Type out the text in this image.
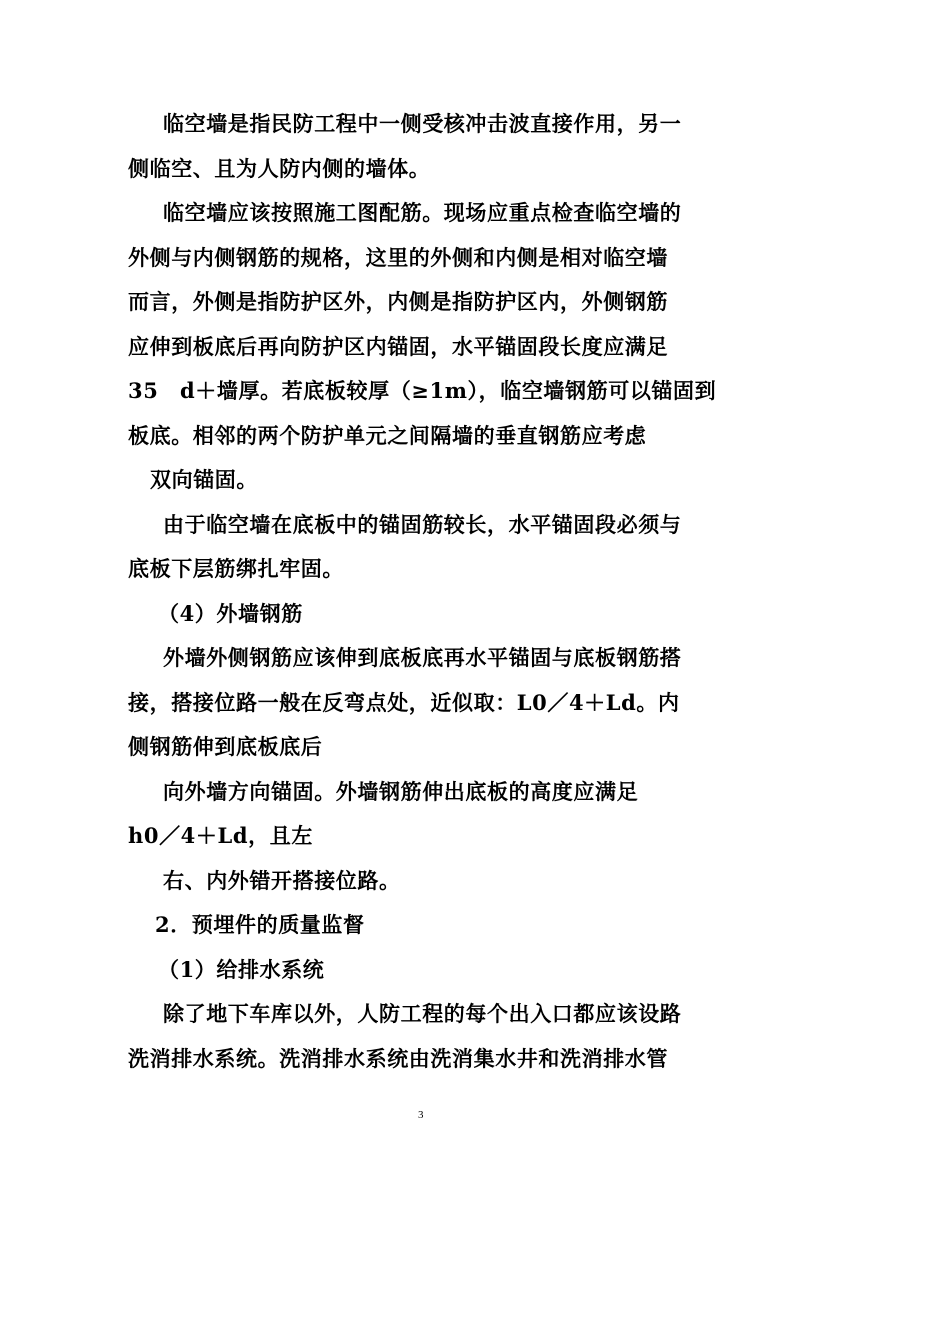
临空墙是指民防工程中一侧受核冲击波直接作用，另一
侧临空、且为人防内侧的墙体。
临空墙应该按照施工图配筋。现场应重点检查临空墙的
外侧与内侧钢筋的规格，这里的外侧和内侧是相对临空墙
而言，外侧是指防护区外，内侧是指防护区内，外侧钢筋
应伸到板底后再向防护区内锚固，水平锚固段长度应满足
35　d＋墙厚。若底板较厚（≥1m），临空墙钢筋可以锚固到
板底。相邻的两个防护单元之间隔墙的垂直钢筋应考虑
双向锚固。
由于临空墙在底板中的锚固筋较长，水平锚固段必须与
底板下层筋绑扎牢固。
（4）外墙钢筋
外墙外侧钢筋应该伸到底板底再水平锚固与底板钢筋搭
接，搭接位路一般在反弯点处，近似取：L0／4＋Ld。内
侧钢筋伸到底板底后
向外墙方向锚固。外墙钢筋伸出底板的高度应满足
h0／4＋Ld，且左
右、内外错开搭接位路。
2．预埋件的质量监督
（1）给排水系统
除了地下车库以外，人防工程的每个出入口都应该设路
洗消排水系统。洗消排水系统由洗消集水井和洗消排水管
3
